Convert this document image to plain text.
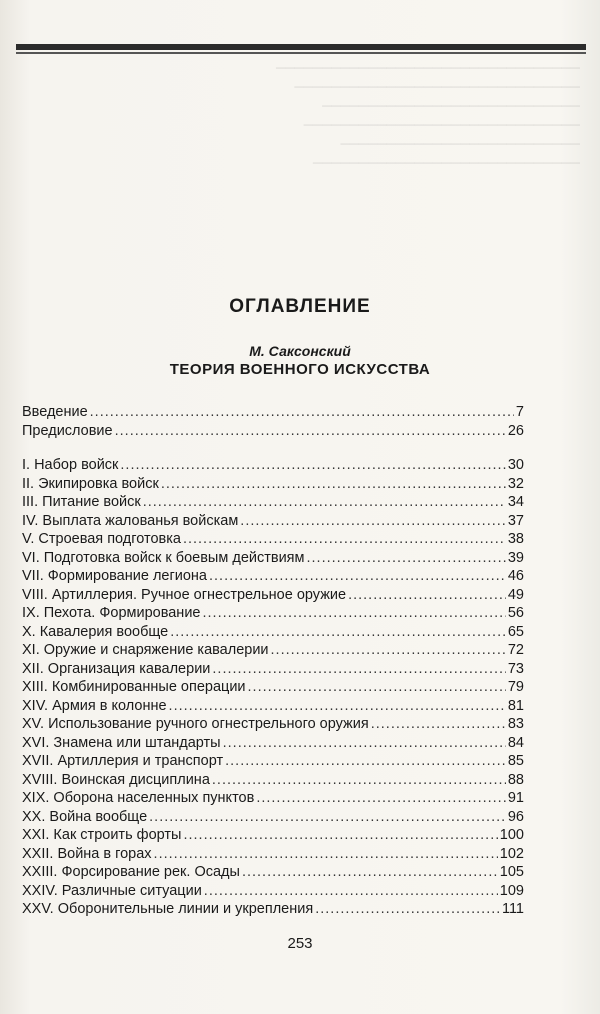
─────────────────────────────────
───────────────────────────────
────────────────────────────
──────────────────────────────
──────────────────────────
─────────────────────────────
ОГЛАВЛЕНИЕ
М. Саксонский
ТЕОРИЯ ВОЕННОГО ИСКУССТВА
Введение .....	7
Предисловие .....	26
I. Набор войск .....	30
II. Экипировка войск .....	32
III. Питание войск .....	34
IV. Выплата жалованья войскам .....	37
V. Строевая подготовка .....	38
VI. Подготовка войск к боевым действиям .....	39
VII. Формирование легиона .....	46
VIII. Артиллерия. Ручное огнестрельное оружие .....	49
IX. Пехота. Формирование .....	56
X. Кавалерия вообще .....	65
XI. Оружие и снаряжение кавалерии .....	72
XII. Организация кавалерии .....	73
XIII. Комбинированные операции .....	79
XIV. Армия в колонне .....	81
XV. Использование ручного огнестрельного оружия .....	83
XVI. Знамена или штандарты .....	84
XVII. Артиллерия и транспорт .....	85
XVIII. Воинская дисциплина .....	88
XIX. Оборона населенных пунктов .....	91
XX. Война вообще .....	96
XXI. Как строить форты .....	100
XXII. Война в горах .....	102
XXIII. Форсирование рек. Осады .....	105
XXIV. Различные ситуации .....	109
XXV. Оборонительные линии и укрепления .....	111
253
